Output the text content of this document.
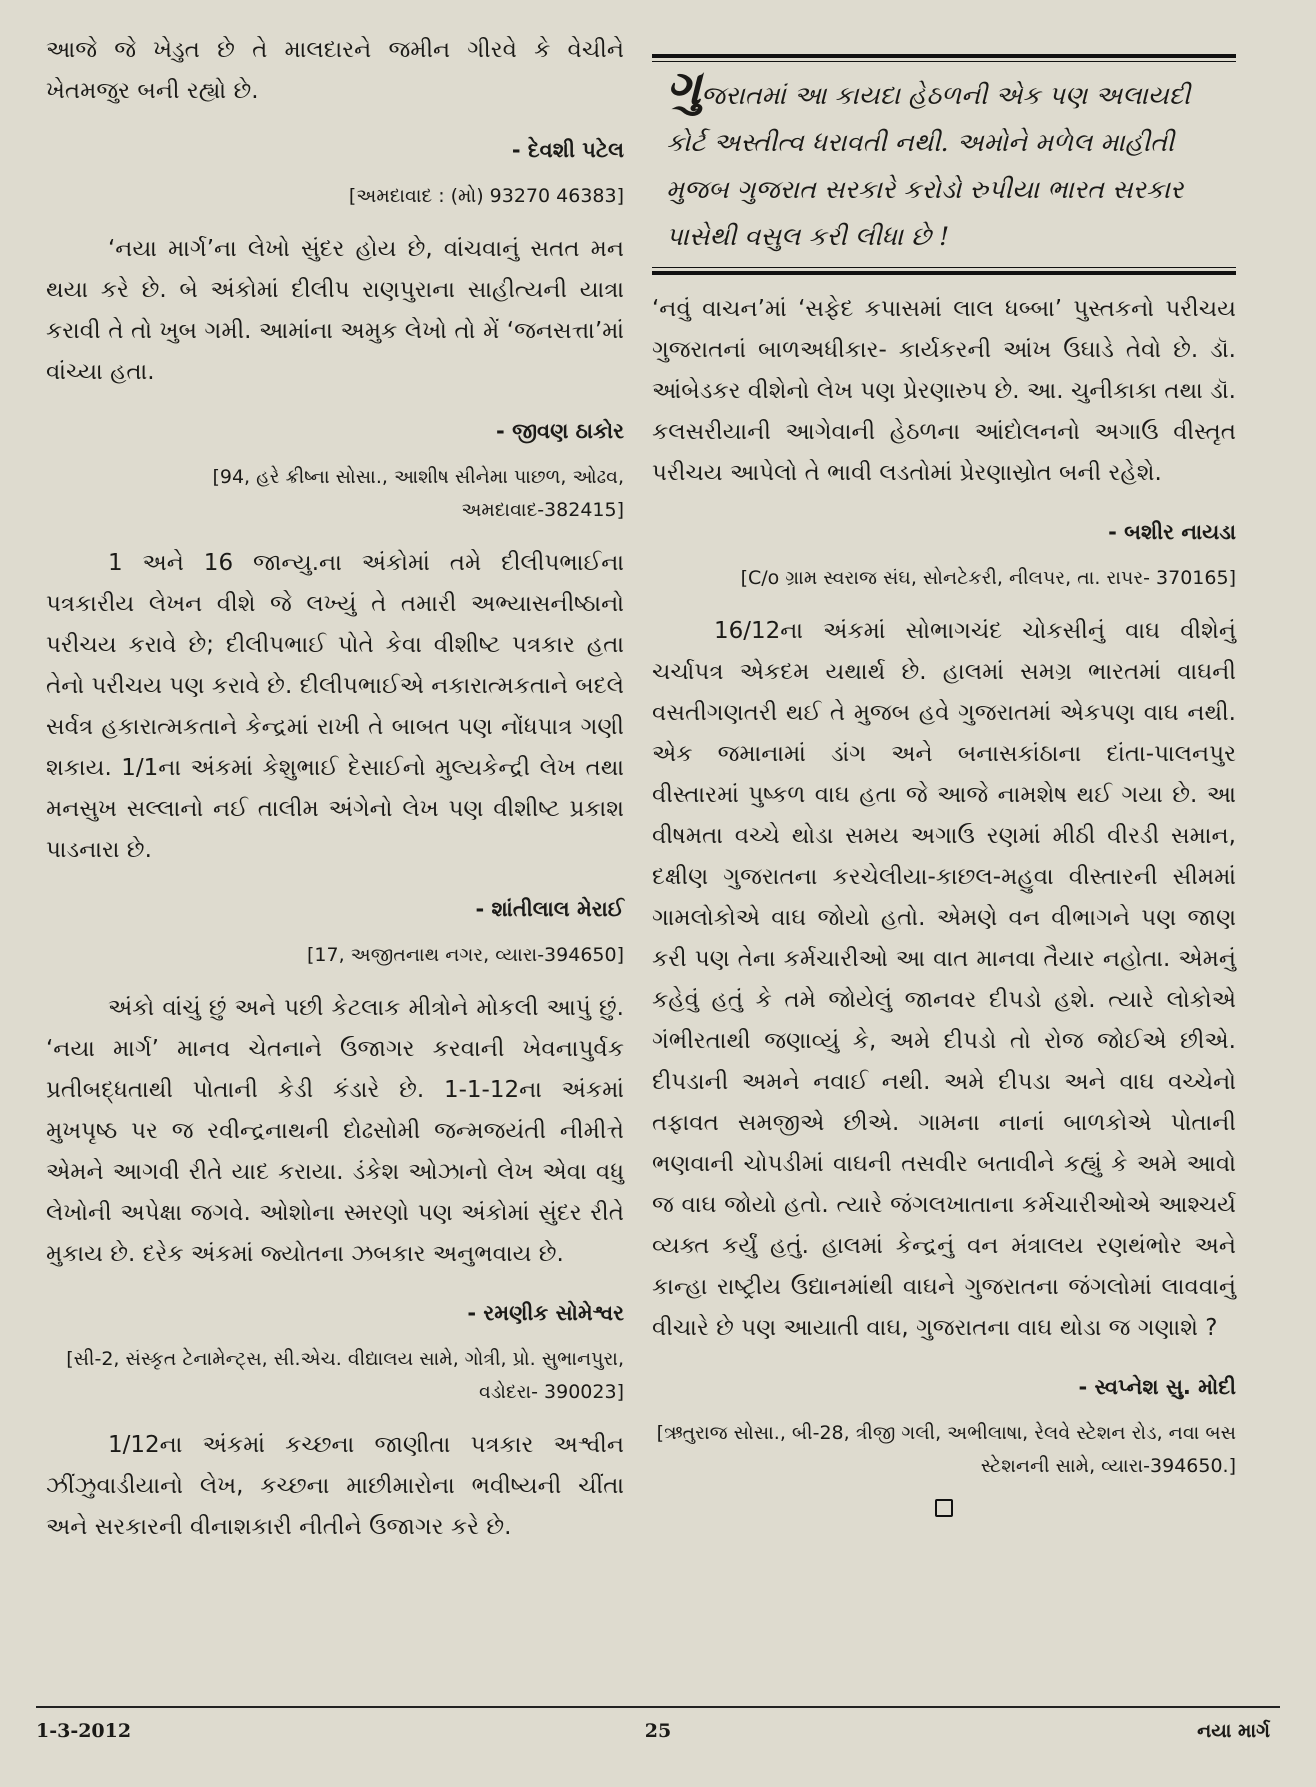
આજે જે ખેડુત છે તે માલદારને જમીન ગીરવે કે વેચીને ખેતમજુર બની રહ્યો છે.

- દેવશી પટેલ
[અમદાવાદ : (મો) 93270 46383]

‘નયા માર્ગ’ના લેખો સુંદર હોય છે, વાંચવાનું સતત મન થયા કરે છે. બે અંકોમાં દીલીપ રાણપુરાના સાહીત્યની યાત્રા કરાવી તે તો ખુબ ગમી. આમાંના અમુક લેખો તો મેં ‘જનસત્તા’માં વાંચ્યા હતા.

- જીવણ ઠાકોર
[94, હરે ક્રીષ્ના સોસા., આશીષ સીનેમા પાછળ, ઓઢવ, અમદાવાદ-382415]

1 અને 16 જાન્યુ.ના અંકોમાં તમે દીલીપભાઈના પત્રકારીય લેખન વીશે જે લખ્યું તે તમારી અભ્યાસનીષ્ઠાનો પરીચય કરાવે છે; દીલીપભાઈ પોતે કેવા વીશીષ્ટ પત્રકાર હતા તેનો પરીચય પણ કરાવે છે. દીલીપભાઈએ નકારાત્મકતાને બદલે સર્વત્ર હકારાત્મકતાને કેન્દ્રમાં રાખી તે બાબત પણ નોંધપાત્ર ગણી શકાય. 1/1ના અંકમાં કેશુભાઈ દેસાઈનો મુલ્યકેન્દ્રી લેખ તથા મનસુખ સલ્લાનો નઈ તાલીમ અંગેનો લેખ પણ વીશીષ્ટ પ્રકાશ પાડનારા છે.

- શાંતીલાલ મેરાઈ
[17, અજીતનાથ નગર, વ્યારા-394650]

અંકો વાંચું છું અને પછી કેટલાક મીત્રોને મોકલી આપું છું. ‘નયા માર્ગ’ માનવ ચેતનાને ઉજાગર કરવાની ખેવનાપુર્વક પ્રતીબદ્ધતાથી પોતાની કેડી કંડારે છે. 1-1-12ના અંકમાં મુખપૃષ્ઠ પર જ રવીન્દ્રનાથની દોઢસોમી જન્મજયંતી નીમીત્તે એમને આગવી રીતે યાદ કરાયા. ડંકેશ ઓઝાનો લેખ એવા વધુ લેખોની અપેક્ષા જગવે. ઓશોના સ્મરણો પણ અંકોમાં સુંદર રીતે મુકાય છે. દરેક અંકમાં જ્યોતના ઝબકાર અનુભવાય છે.

- રમણીક સોમેશ્વર
[સી-2, સંસ્કૃત ટેનામેન્ટ્સ, સી.એચ. વીદ્યાલય સામે, ગોત્રી, પ્રો. સુભાનપુરા, વડોદરા- 390023]

1/12ના અંકમાં કચ્છના જાણીતા પત્રકાર અશ્વીન ઝીંઝુવાડીયાનો લેખ, કચ્છના માછીમારોના ભવીષ્યની ચીંતા અને સરકારની વીનાશકારી નીતીને ઉજાગર કરે છે.

ગુજરાતમાં આ કાયદા હેઠળની એક પણ અલાયદી કોર્ટ અસ્તીત્વ ધરાવતી નથી. અમોને મળેલ માહીતી મુજબ ગુજરાત સરકારે કરોડો રુપીયા ભારત સરકાર પાસેથી વસુલ કરી લીધા છે !

‘નવું વાચન’માં ‘સફેદ કપાસમાં લાલ ધબ્બા’ પુસ્તકનો પરીચય ગુજરાતનાં બાળઅધીકાર- કાર્યકરની આંખ ઉઘાડે તેવો છે. ડૉ. આંબેડકર વીશેનો લેખ પણ પ્રેરણારુપ છે. આ. ચુનીકાકા તથા ડૉ. કલસરીયાની આગેવાની હેઠળના આંદોલનનો અગાઉ વીસ્તૃત પરીચય આપેલો તે ભાવી લડતોમાં પ્રેરણાસ્રોત બની રહેશે.

- બશીર નાયડા
[C/o ગ્રામ સ્વરાજ સંઘ, સોનટેકરી, નીલપર, તા. રાપર- 370165]

16/12ના અંકમાં સોભાગચંદ ચોકસીનું વાઘ વીશેનું ચર્ચાપત્ર એકદમ યથાર્થ છે. હાલમાં સમગ્ર ભારતમાં વાઘની વસતીગણતરી થઈ તે મુજબ હવે ગુજરાતમાં એકપણ વાઘ નથી. એક જમાનામાં ડાંગ અને બનાસકાંઠાના દાંતા-પાલનપુર વીસ્તારમાં પુષ્કળ વાઘ હતા જે આજે નામશેષ થઈ ગયા છે. આ વીષમતા વચ્ચે થોડા સમય અગાઉ રણમાં મીઠી વીરડી સમાન, દક્ષીણ ગુજરાતના કરચેલીયા-કાછલ-મહુવા વીસ્તારની સીમમાં ગામલોકોએ વાઘ જોયો હતો. એમણે વન વીભાગને પણ જાણ કરી પણ તેના કર્મચારીઓ આ વાત માનવા તૈયાર નહોતા. એમનું કહેવું હતું કે તમે જોયેલું જાનવર દીપડો હશે. ત્યારે લોકોએ ગંભીરતાથી જણાવ્યું કે, અમે દીપડો તો રોજ જોઈએ છીએ. દીપડાની અમને નવાઈ નથી. અમે દીપડા અને વાઘ વચ્ચેનો તફાવત સમજીએ છીએ. ગામના નાનાં બાળકોએ પોતાની ભણવાની ચોપડીમાં વાઘની તસવીર બતાવીને કહ્યું કે અમે આવો જ વાઘ જોયો હતો. ત્યારે જંગલખાતાના કર્મચારીઓએ આશ્ચર્ય વ્યક્ત કર્યું હતું. હાલમાં કેન્દ્રનું વન મંત્રાલય રણથંભોર અને કાન્હા રાષ્ટ્રીય ઉદ્યાનમાંથી વાઘને ગુજરાતના જંગલોમાં લાવવાનું વીચારે છે પણ આયાતી વાઘ, ગુજરાતના વાઘ થોડા જ ગણાશે ?

- સ્વપ્નેશ સુ. મોદી
[ઋતુરાજ સોસા., બી-28, ત્રીજી ગલી, અભીલાષા, રેલવે સ્ટેશન રોડ, નવા બસ સ્ટેશનની સામે, વ્યારા-394650.]
1-3-2012	25	નયા માર્ગ
